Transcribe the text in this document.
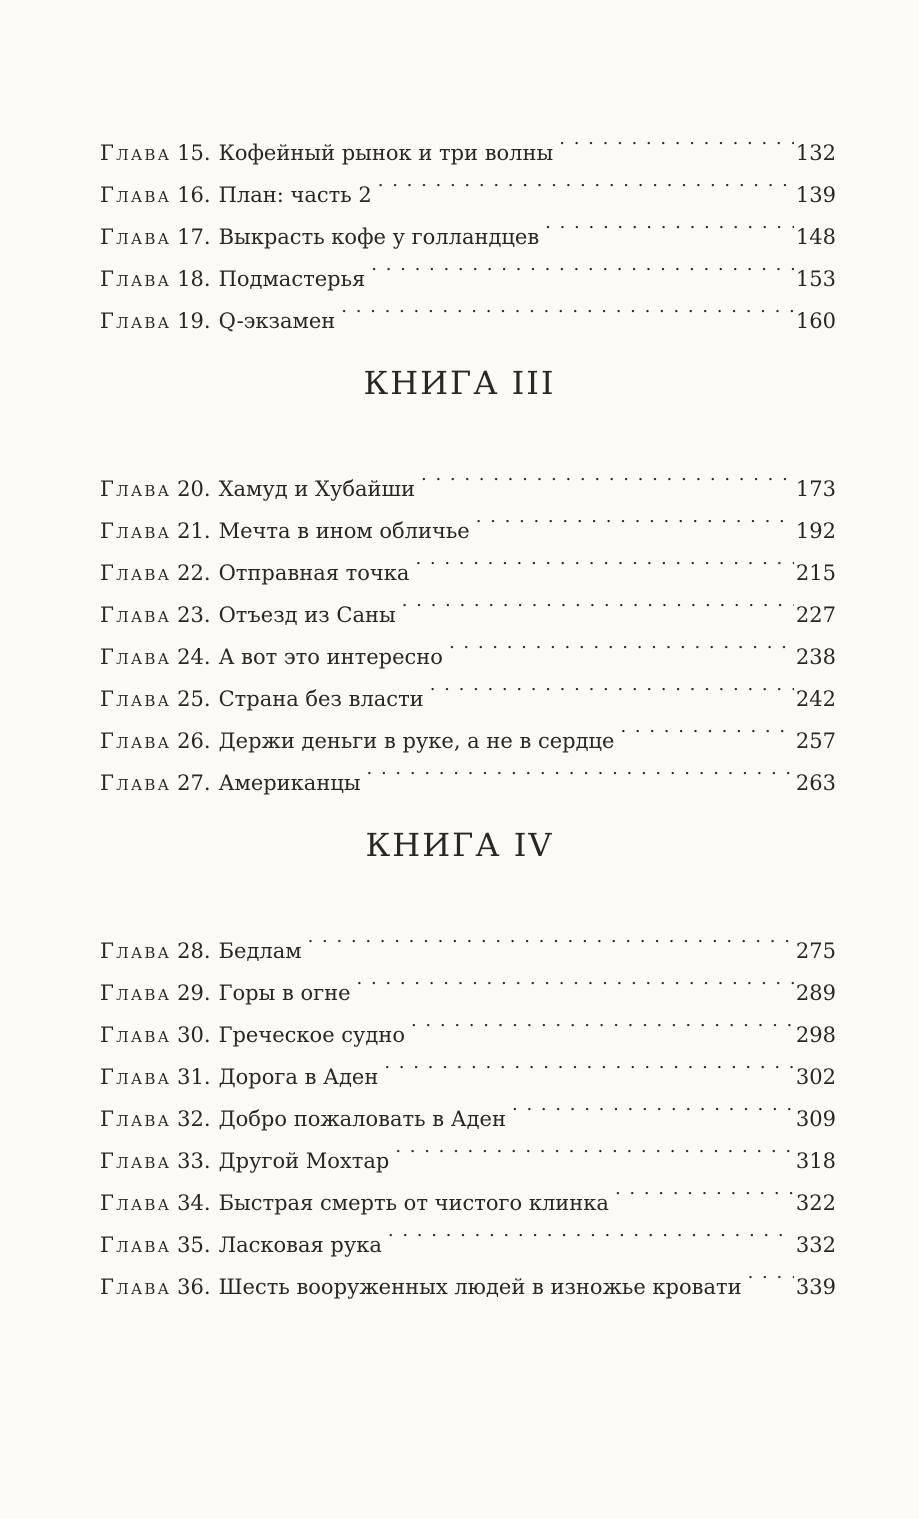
Глава 15. Кофейный рынок и три волны . . .	132
Глава 16. План: часть 2 . . .	139
Глава 17. Выкрасть кофе у голландцев . . .	148
Глава 18. Подмастерья . . .	153
Глава 19. Q-экзамен . . .	160
КНИГА III
Глава 20. Хамуд и Хубайши . . .	173
Глава 21. Мечта в ином обличье . . .	192
Глава 22. Отправная точка . . .	215
Глава 23. Отъезд из Саны . . .	227
Глава 24. А вот это интересно . . .	238
Глава 25. Страна без власти . . .	242
Глава 26. Держи деньги в руке, а не в сердце . . .	257
Глава 27. Американцы . . .	263
КНИГА IV
Глава 28. Бедлам . . .	275
Глава 29. Горы в огне . . .	289
Глава 30. Греческое судно . . .	298
Глава 31. Дорога в Аден . . .	302
Глава 32. Добро пожаловать в Аден . . .	309
Глава 33. Другой Мохтар . . .	318
Глава 34. Быстрая смерть от чистого клинка . . .	322
Глава 35. Ласковая рука . . .	332
Глава 36. Шесть вооруженных людей в изножье кровати . . .	339
